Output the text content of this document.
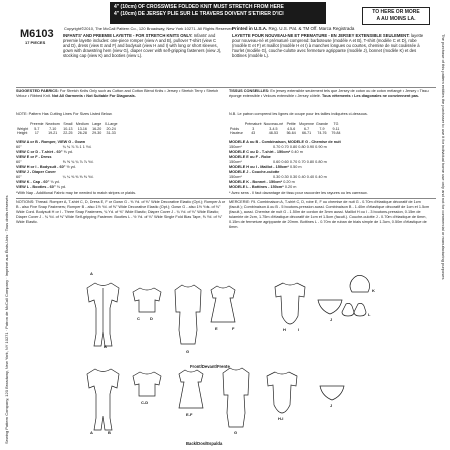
Sewing Pattern Company, 120 Broadway, New York, NY 10271 · Patron de McCall Company · Imprimé aux États-Unis · Tous droits réservés
The purchase of this pattern entitles the purchaser to use it for individual home use only and not for commercial or manufacturing purposes
4" (10cm) OF CROSSWISE FOLDED KNIT MUST STRETCH FROM HERE
4" (10cm) DE JERSEY PLIE SUR LE TRAVERS DOIVENT S'ETIRER D'ICI	TO HERE OR MORE
A AU MOINS LA.
M6103
17 PIECES
Copyright©2010, The McCall Pattern Co., 120 Broadway, New York 10271. All Rights Reserved.
Printed in U.S.A. Reg. U.S. Pat. & TM Off. Marca Registrada
INFANTS' AND PREEMIE LAYETTE - FOR STRETCH KNITS ONLY: Infants' and preemie layette includes: one-piece romper (view A and B), pullover T-shirt (view C and D), dress (view E and F) and bodysuit (view H and I) with long or short sleeves, gown with drawstring hem (view G), diaper cover with self-gripping fasteners (view J), stocking cap (view K) and booties (view L).
LAYETTE POUR NOUVEAU-NE ET PREMATURE - EN JERSEY EXTENSIBLE SEULEMENT: layette pour nouveau-né et prématuré comprend: barboteuse (modèle A et B), T-shirt (modèle C et D), robe (modèle E et F) et maillot (modèle H et I) à manches longues ou courtes, chemise de nuit coulissée à l'ourlet (modèle G), couche-culotte avec fermeture agrippante (modèle J), bonnet (modèle K) et des bottines (modèle L).
SUGGESTED FABRICS: For Stretch Knits Only such as Cotton and Cotton Blend Knits • Jersey • Stretch Terry • Stretch Velour • Ribbed Knit. Not All Garments • Not Suitable For Diagonals.
TISSUS CONSEILLES: En jersey extensible seulement tels que Jersey de coton ou de coton mélangé • Jersey • Tissu éponge extensible • Velours extensible • Jersey côtelé. Tous vêtements • Les diagonales ne conviennent pas.
NOTE: Pattern Has Cutting Lines For Sizes Listed Below.	N.B. Le patron comprend les lignes de coupe pour les tailles indiquées ci-dessous.
	Preemie	Newborn	Small	Medium	Large	X-Large
Weight	5-7	7-10	10-13	13-16	16-20	20-24
Height	17	19-21	22-25	26-28	29-30	31-33
	Prématuré	Nouveau-né	Petite	Moyenne	Grande	TG
Poids	3	3-4.5	4.5-6	6-7	7-9	9-11
Hauteur	43	48-53	56-64	66-71	74-76	79-84
VIEW A or B - Romper, VIEW G - Gown
60"	¾ ¾ ⅞ ⅞ 1 1 Yd.
VIEW C or D - T-shirt - 60" ⅜ yd.
VIEW E or F - Dress
60"	⅝ ⅝ ¾ ¾ ⅞ ⅞ Yd.
VIEW H or I - Bodysuit - 60" ½ yd.
VIEW J - Diaper Cover
60"	¼ ¼ ⅜ ⅜ ⅜ ⅜ Yd.
VIEW K - Cap - 60" ⅛ yd.
VIEW L - Booties - 60" ⅛ yd.
MODELE A ou B - Combinaison, MODELE G - Chemise de nuit
150cm*	0.70 0.70 0.80 0.80 0.90 0.90 m
MODELE C ou D - T-shirt - 150cm* 0.40 m
MODELE E ou F - Robe
150cm*	0.60 0.60 0.70 0.70 0.80 0.80 m
MODELE H ou I - Maillot - 150cm* 0.50 m
MODELE J - Couche-culotte
150cm*	0.30 0.30 0.30 0.40 0.40 0.40 m
MODELE K - Bonnet - 150cm* 0.20 m
MODELE L - Bottines - 150cm* 0.20 m
*With Nap - Additional Fabric may be needed to match stripes or plaids.	* Avec sens - Il faut davantage de tissu pour raccorder les rayures ou les carreaux.
NOTIONS: Thread. Romper A, T-shirt C, D, Dress E, F or Gown G - ⅜ Yd. of ⅜" Wide Decorative Elastic (Opt.); Romper A or B - also Five Snap Fasteners; Romper B - also 1½ Yd. of ⅝" Wide Decorative Elastic (Opt.); Gown G - also 1½ Yds. of ⅛" Wide Cord. Bodysuit H or I - Three Snap Fasteners, ¾ Yd. of ⅜" Wide Elastic; Diaper Cover J - ¾ Yd. of ⅛" Wide Elastic; Diaper Cover J - ¾ Yd. of ⅜" Wide Self-gripping Fastener. Bootles L - ½ Yd. of ⅛" Wide Single Fold Bias Tape, ⅝ Yd. of ⅛" Wide Elastic.
MERCERIE: Fil. Combinaison A, T-shirt C, D, robe E, F ou chemise de nuit G - 0.70m d'élastique décoratif de 1cm (facult.); Combinaison A ou B - 5 boutons-pression aussi. Combinaison B - 1.40m d'élastique décoratif de 1cm et 1.5cm (facult.), aussi. Chemise de nuit G - 1.50m de cordon de 3mm aussi. Maillot H ou I - 3 boutons-pression, 0.15m de tulamirie de 2cm, 1.75m d'élastique décoratif de 1cm et 1.5cm (facult.). Couche-culotte J - 0.70m d'élastique de 6mm, 0.15m de fermeture agrippante de 20mm. Bottines L - 0.70m de ruban de biais simple de 1.3cm, 0.50m d'élastique de 6mm.
A
B
C	D
G
E	F	H	I
J
K
L
Front/Devant/Frente
B
C-D
E-F
G
H-I
J
A
Back/Dos/Espalda
